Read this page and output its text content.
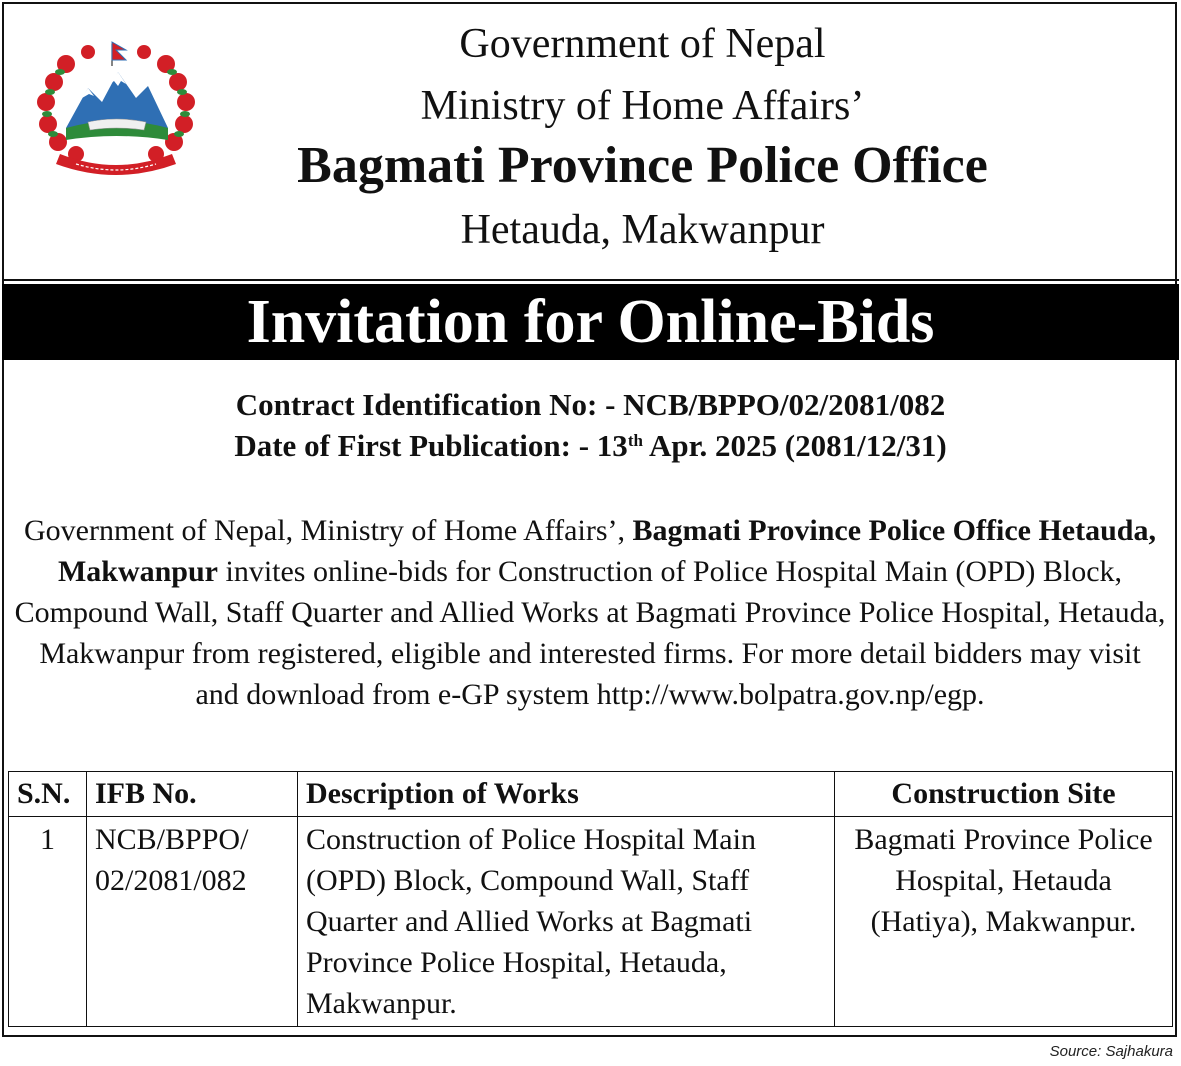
Government of Nepal
Ministry of Home Affairs’
Bagmati Province Police Office
Hetauda, Makwanpur
Invitation for Online-Bids
Contract Identification No: - NCB/BPPO/02/2081/082
Date of First Publication: - 13th Apr. 2025 (2081/12/31)
Government of Nepal, Ministry of Home Affairs’, Bagmati Province Police Office Hetauda, Makwanpur invites online-bids for Construction of Police Hospital Main (OPD) Block, Compound Wall, Staff Quarter and Allied Works at Bagmati Province Police Hospital, Hetauda, Makwanpur from registered, eligible and interested firms. For more detail bidders may visit and download from e-GP system http://www.bolpatra.gov.np/egp.
S.N.	IFB No.	Description of Works	Construction Site
1	NCB/BPPO/ 02/2081/082	Construction of Police Hospital Main (OPD) Block, Compound Wall, Staff Quarter and Allied Works at Bagmati Province Police Hospital, Hetauda, Makwanpur.	Bagmati Province Police Hospital, Hetauda (Hatiya), Makwanpur.
Source: Sajhakura
